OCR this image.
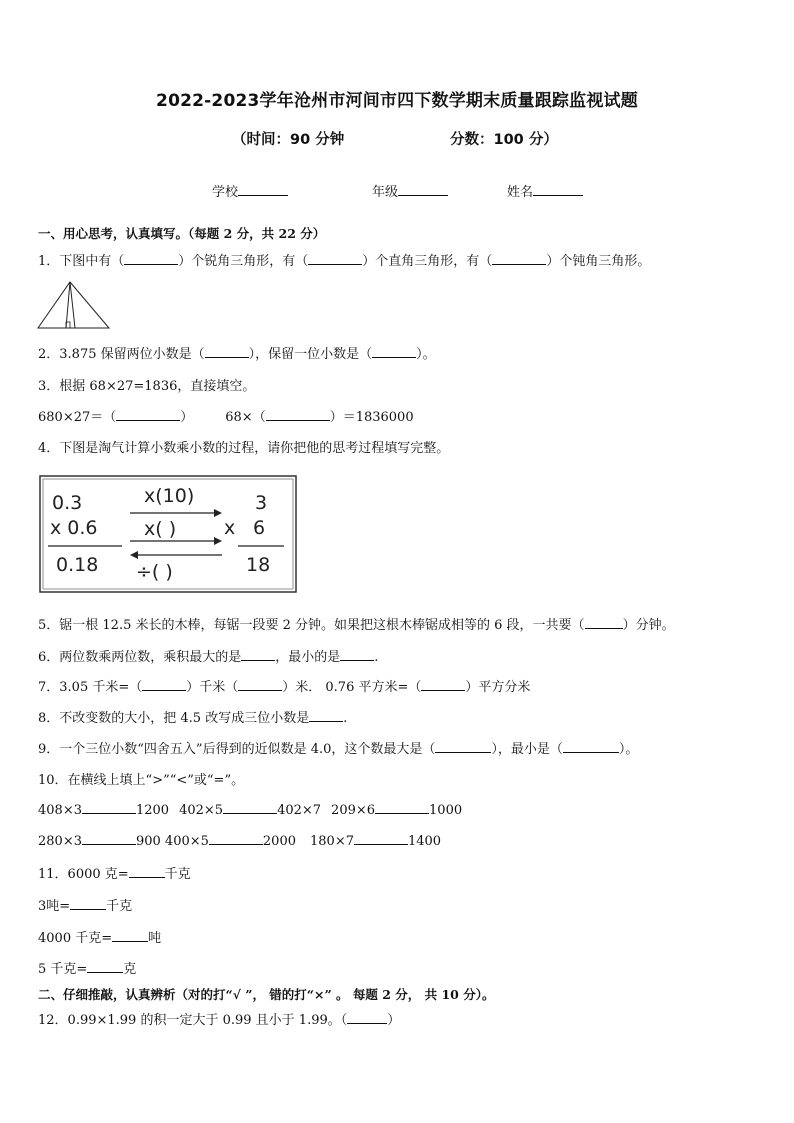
2022-2023学年沧州市河间市四下数学期末质量跟踪监视试题
（时间：90 分钟	分数：100 分）
学校	年级	姓名
一、用心思考，认真填写。（每题 2 分，共 22 分）
1．下图中有（	）个锐角三角形，有（	）个直角三角形，有（	）个钝角三角形。
2．3.875 保留两位小数是（	），保留一位小数是（	）。
3．根据 68×27=1836，直接填空。
680×27＝（	） 68×（	）＝1836000
4．下图是淘气计算小数乘小数的过程，请你把他的思考过程填写完整。
0.3
x 0.6
0.18
x(10)
x( )
÷( )
x
3
6
18
5．锯一根 12.5 米长的木棒，每锯一段要 2 分钟。如果把这根木棒锯成相等的 6 段，一共要（	）分钟。
6．两位数乘两位数，乘积最大的是	，最小的是	.
7．3.05 千米=（	）千米（	）米． 0.76 平方米=（	）平方分米
8．不改变数的大小，把 4.5 改写成三位小数是	.
9．一个三位小数“四舍五入”后得到的近似数是 4.0，这个数最大是（	），最小是（	）。
10．在横线上填上“>”“<”或“=”。
408×3	1200 402×5	402×7 209×6	1000
280×3	900 400×5	2000 180×7	1400
11．6000 克=	千克
3吨=	千克
4000 千克=	吨
5 千克=	克
二、仔细推敲，认真辨析（对的打“√ ”， 错的打“×” 。 每题 2 分， 共 10 分）。
12．0.99×1.99 的积一定大于 0.99 且小于 1.99。（	）
